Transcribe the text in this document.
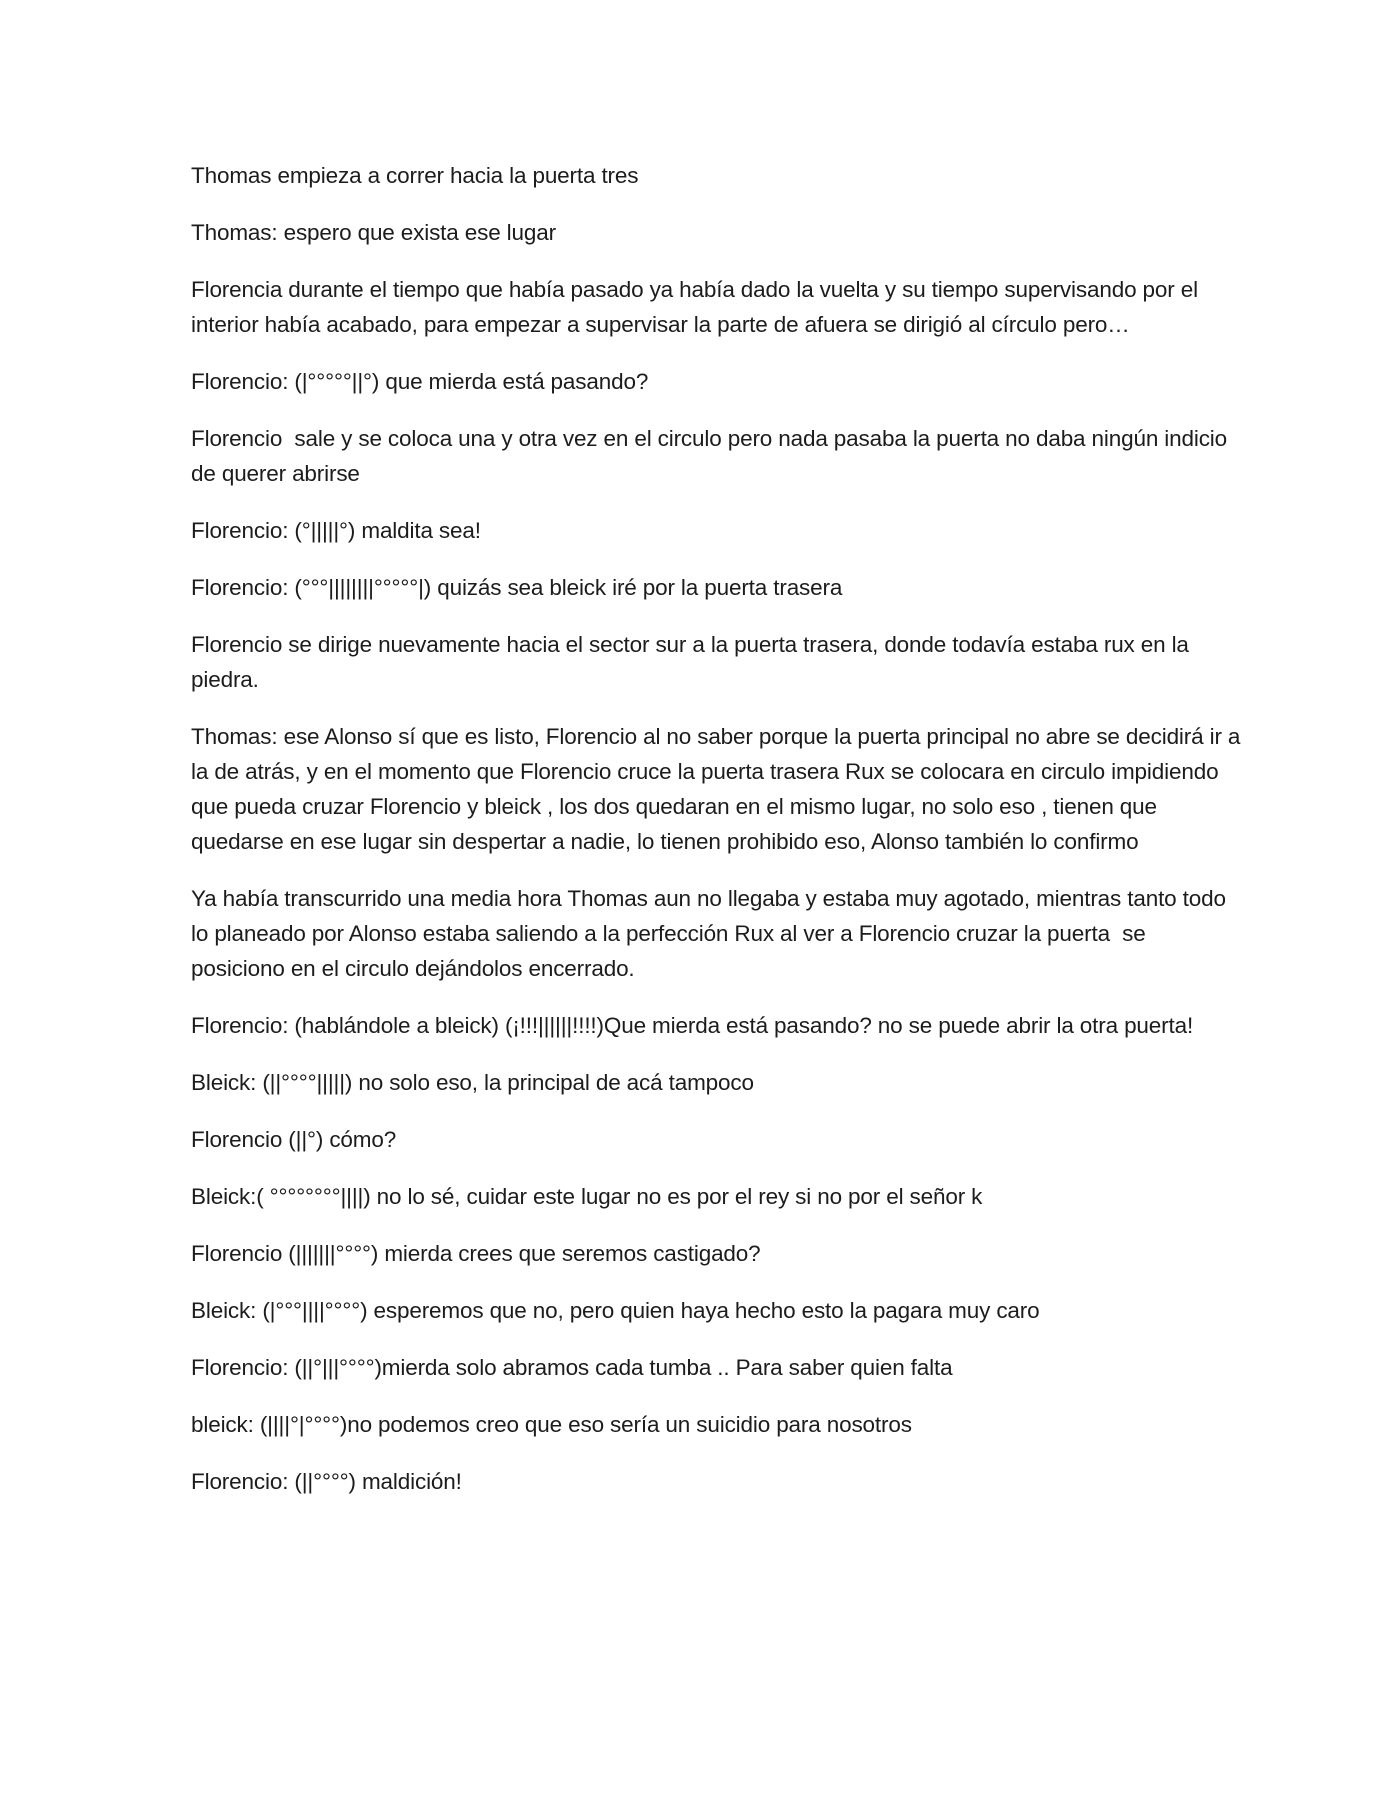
Thomas empieza a correr hacia la puerta tres

Thomas: espero que exista ese lugar

Florencia durante el tiempo que había pasado ya había dado la vuelta y su tiempo supervisando por el interior había acabado, para empezar a supervisar la parte de afuera se dirigió al círculo pero…

Florencio: (|°°°°°||°) que mierda está pasando?

Florencio  sale y se coloca una y otra vez en el circulo pero nada pasaba la puerta no daba ningún indicio de querer abrirse

Florencio: (°|||||°) maldita sea!

Florencio: (°°°||||||||°°°°°|) quizás sea bleick iré por la puerta trasera

Florencio se dirige nuevamente hacia el sector sur a la puerta trasera, donde todavía estaba rux en la piedra.

Thomas: ese Alonso sí que es listo, Florencio al no saber porque la puerta principal no abre se decidirá ir a la de atrás, y en el momento que Florencio cruce la puerta trasera Rux se colocara en circulo impidiendo que pueda cruzar Florencio y bleick , los dos quedaran en el mismo lugar, no solo eso , tienen que quedarse en ese lugar sin despertar a nadie, lo tienen prohibido eso, Alonso también lo confirmo

Ya había transcurrido una media hora Thomas aun no llegaba y estaba muy agotado, mientras tanto todo lo planeado por Alonso estaba saliendo a la perfección Rux al ver a Florencio cruzar la puerta  se posiciono en el circulo dejándolos encerrado.

Florencio: (hablándole a bleick) (¡!!!||||||!!!!)Que mierda está pasando? no se puede abrir la otra puerta!

Bleick: (||°°°°|||||) no solo eso, la principal de acá tampoco

Florencio (||°) cómo?

Bleick:( °°°°°°°°||||) no lo sé, cuidar este lugar no es por el rey si no por el señor k

Florencio (|||||||°°°°) mierda crees que seremos castigado?

Bleick: (|°°°||||°°°°) esperemos que no, pero quien haya hecho esto la pagara muy caro

Florencio: (||°|||°°°°)mierda solo abramos cada tumba .. Para saber quien falta

bleick: (||||°|°°°°)no podemos creo que eso sería un suicidio para nosotros

Florencio: (||°°°°) maldición!
